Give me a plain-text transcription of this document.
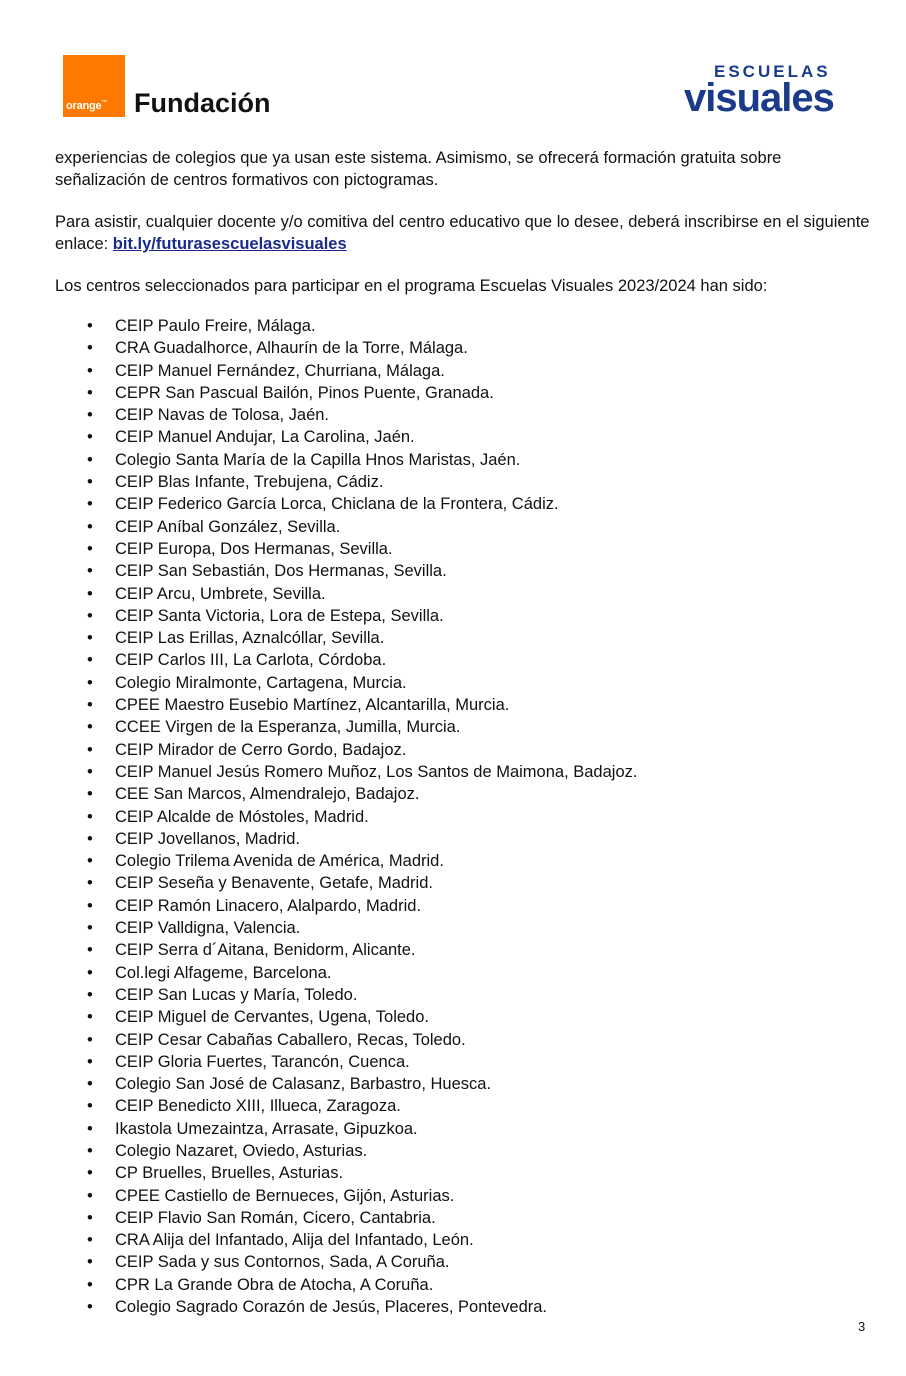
orange™ Fundación
ESCUELAS
visuales

experiencias de colegios que ya usan este sistema. Asimismo, se ofrecerá formación gratuita sobre señalización de centros formativos con pictogramas.

Para asistir, cualquier docente y/o comitiva del centro educativo que lo desee, deberá inscribirse en el siguiente enlace: bit.ly/futurasescuelasvisuales

Los centros seleccionados para participar en el programa Escuelas Visuales 2023/2024 han sido:

• CEIP Paulo Freire, Málaga.
• CRA Guadalhorce, Alhaurín de la Torre, Málaga.
• CEIP Manuel Fernández, Churriana, Málaga.
• CEPR San Pascual Bailón, Pinos Puente, Granada.
• CEIP Navas de Tolosa, Jaén.
• CEIP Manuel Andujar, La Carolina, Jaén.
• Colegio Santa María de la Capilla Hnos Maristas, Jaén.
• CEIP Blas Infante, Trebujena, Cádiz.
• CEIP Federico García Lorca, Chiclana de la Frontera, Cádiz.
• CEIP Aníbal González, Sevilla.
• CEIP Europa, Dos Hermanas, Sevilla.
• CEIP San Sebastián, Dos Hermanas, Sevilla.
• CEIP Arcu, Umbrete, Sevilla.
• CEIP Santa Victoria, Lora de Estepa, Sevilla.
• CEIP Las Erillas, Aznalcóllar, Sevilla.
• CEIP Carlos III, La Carlota, Córdoba.
• Colegio Miralmonte, Cartagena, Murcia.
• CPEE Maestro Eusebio Martínez, Alcantarilla, Murcia.
• CCEE Virgen de la Esperanza, Jumilla, Murcia.
• CEIP Mirador de Cerro Gordo, Badajoz.
• CEIP Manuel Jesús Romero Muñoz, Los Santos de Maimona, Badajoz.
• CEE San Marcos, Almendralejo, Badajoz.
• CEIP Alcalde de Móstoles, Madrid.
• CEIP Jovellanos, Madrid.
• Colegio Trilema Avenida de América, Madrid.
• CEIP Seseña y Benavente, Getafe, Madrid.
• CEIP Ramón Linacero, Alalpardo, Madrid.
• CEIP Valldigna, Valencia.
• CEIP Serra d´Aitana, Benidorm, Alicante.
• Col.legi Alfageme, Barcelona.
• CEIP San Lucas y María, Toledo.
• CEIP Miguel de Cervantes, Ugena, Toledo.
• CEIP Cesar Cabañas Caballero, Recas, Toledo.
• CEIP Gloria Fuertes, Tarancón, Cuenca.
• Colegio San José de Calasanz, Barbastro, Huesca.
• CEIP Benedicto XIII, Illueca, Zaragoza.
• Ikastola Umezaintza, Arrasate, Gipuzkoa.
• Colegio Nazaret, Oviedo, Asturias.
• CP Bruelles, Bruelles, Asturias.
• CPEE Castiello de Bernueces, Gijón, Asturias.
• CEIP Flavio San Román, Cicero, Cantabria.
• CRA Alija del Infantado, Alija del Infantado, León.
• CEIP Sada y sus Contornos, Sada, A Coruña.
• CPR La Grande Obra de Atocha, A Coruña.
• Colegio Sagrado Corazón de Jesús, Placeres, Pontevedra.
3
